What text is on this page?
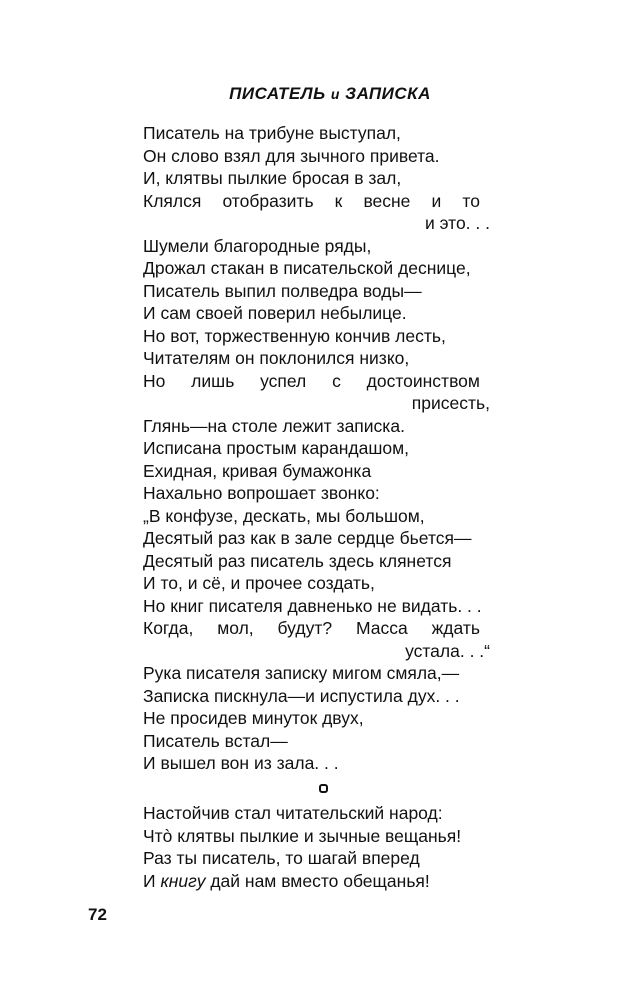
ПИСАТЕЛЬ и ЗАПИСКА
Писатель на трибуне выступал,
Он слово взял для зычного привета.
И, клятвы пылкие бросая в зал,
Клялся отобразить к весне и то
и это. . .
Шумели благородные ряды,
Дрожал стакан в писательской деснице,
Писатель выпил полведра воды—
И сам своей поверил небылице.
Но вот, торжественную кончив лесть,
Читателям он поклонился низко,
Но лишь успел с достоинством
присесть,
Глянь—на столе лежит записка.
Исписана простым карандашом,
Ехидная, кривая бумажонка
Нахально вопрошает звонко:
„В конфузе, дескать, мы большом,
Десятый раз как в зале сердце бьется—
Десятый раз писатель здесь клянется
И то, и сё, и прочее создать,
Но книг писателя давненько не видать. . .
Когда, мол, будут? Масса ждать
устала. . .“
Рука писателя записку мигом смяла,—
Записка пискнула—и испустила дух. . .
Не просидев минуток двух,
Писатель встал—
И вышел вон из зала. . .
Настойчив стал читательский народ:
Чтò клятвы пылкие и зычные вещанья!
Раз ты писатель, то шагай вперед
И книгу дай нам вместо обещанья!
72
